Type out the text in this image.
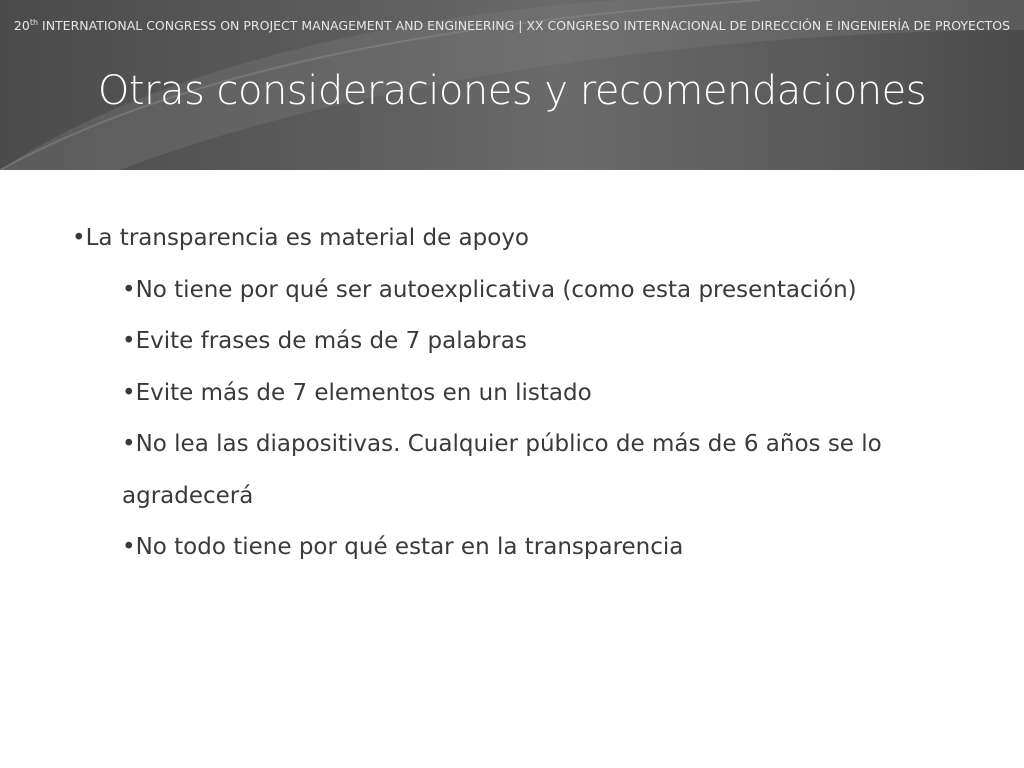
20th INTERNATIONAL CONGRESS ON PROJECT MANAGEMENT AND ENGINEERING | XX CONGRESO INTERNACIONAL DE DIRECCIÓN E INGENIERÍA DE PROYECTOS
Otras consideraciones y recomendaciones
•La transparencia es material de apoyo
•No tiene por qué ser autoexplicativa (como esta presentación)
•Evite frases de más de 7 palabras
•Evite más de 7 elementos en un listado
•No lea las diapositivas. Cualquier público de más de 6 años se lo agradecerá
•No todo tiene por qué estar en la transparencia
